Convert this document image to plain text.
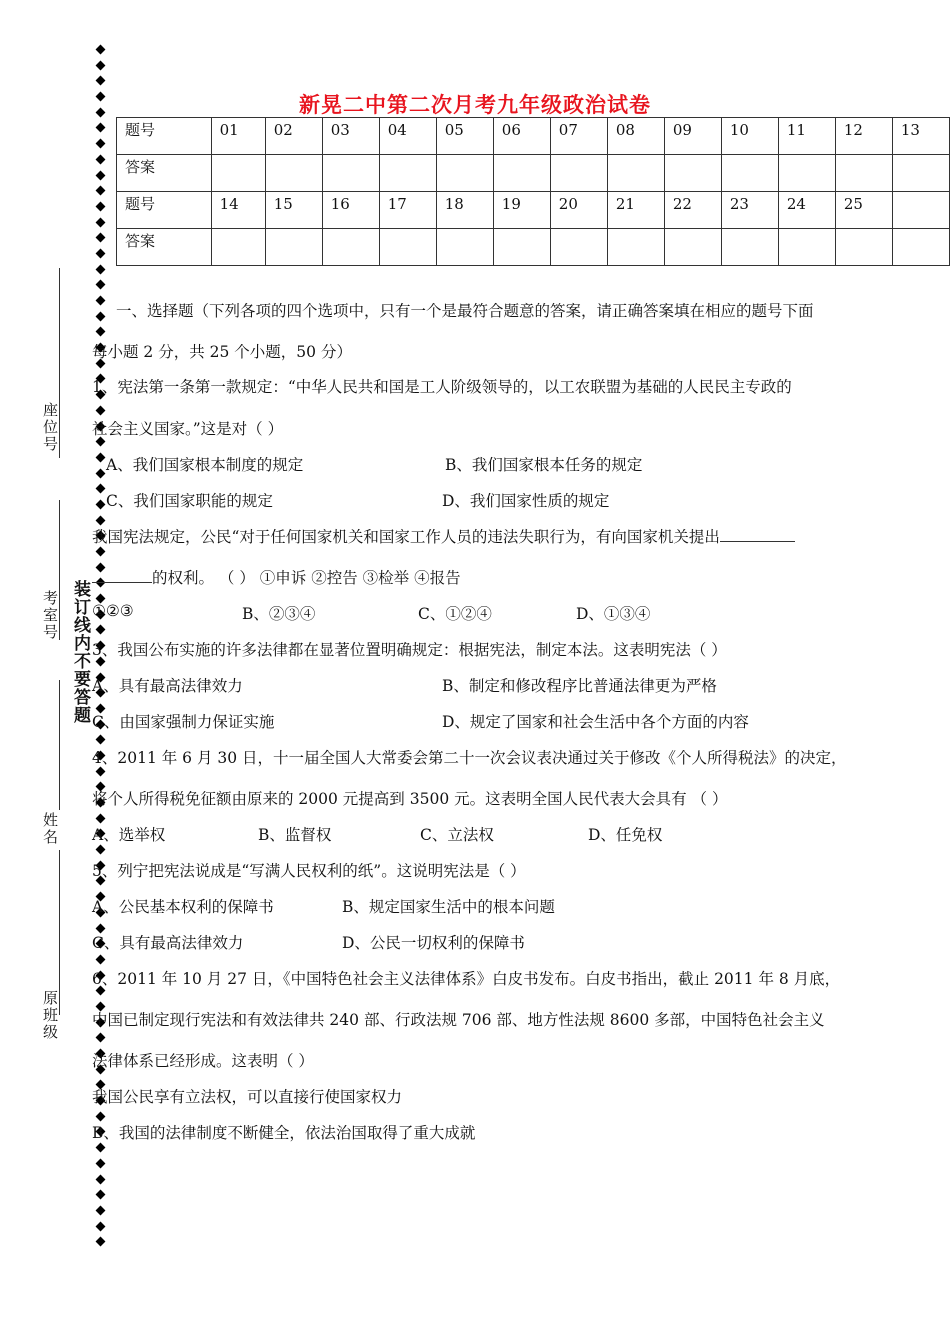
新晃二中第二次月考九年级政治试卷
座位号
考室号
姓名
原班级
装订线内不要答题
题号	01	02	03	04	05	06	07	08	09	10	11	12	13
答案													
题号	14	15	16	17	18	19	20	21	22	23	24	25	
答案													
一、选择题（下列各项的四个选项中，只有一个是最符合题意的答案，请正确答案填在相应的题号下面
每小题 2 分，共 25 个小题，50 分）
1、宪法第一条第一款规定：“中华人民共和国是工人阶级领导的，以工农联盟为基础的人民民主专政的
社会主义国家。”这是对（ ）
A、我们国家根本制度的规定	B、我们国家根本任务的规定
C、我们国家职能的规定	D、我们国家性质的规定
我国宪法规定，公民“对于任何国家机关和国家工作人员的违法失职行为，有向国家机关提出
的权利。 （ ） ①申诉 ②控告 ③检举 ④报告
①②③	B、②③④	C、①②④	D、①③④
3、我国公布实施的许多法律都在显著位置明确规定：根据宪法，制定本法。这表明宪法（ ）
A、具有最高法律效力	B、制定和修改程序比普通法律更为严格
C、由国家强制力保证实施	D、规定了国家和社会生活中各个方面的内容
4、2011 年 6 月 30 日，十一届全国人大常委会第二十一次会议表决通过关于修改《个人所得税法》的决定，
将个人所得税免征额由原来的 2000 元提高到 3500 元。这表明全国人民代表大会具有 （ ）
A、选举权	B、监督权	C、立法权	D、任免权
5、列宁把宪法说成是“写满人民权利的纸”。这说明宪法是（ ）
A、公民基本权利的保障书	B、规定国家生活中的根本问题
C、具有最高法律效力	D、公民一切权利的保障书
6、2011 年 10 月 27 日，《中国特色社会主义法律体系》白皮书发布。白皮书指出，截止 2011 年 8 月底，
中国已制定现行宪法和有效法律共 240 部、行政法规 706 部、地方性法规 8600 多部，中国特色社会主义
法律体系已经形成。这表明（ ）
我国公民享有立法权，可以直接行使国家权力
B、我国的法律制度不断健全，依法治国取得了重大成就
